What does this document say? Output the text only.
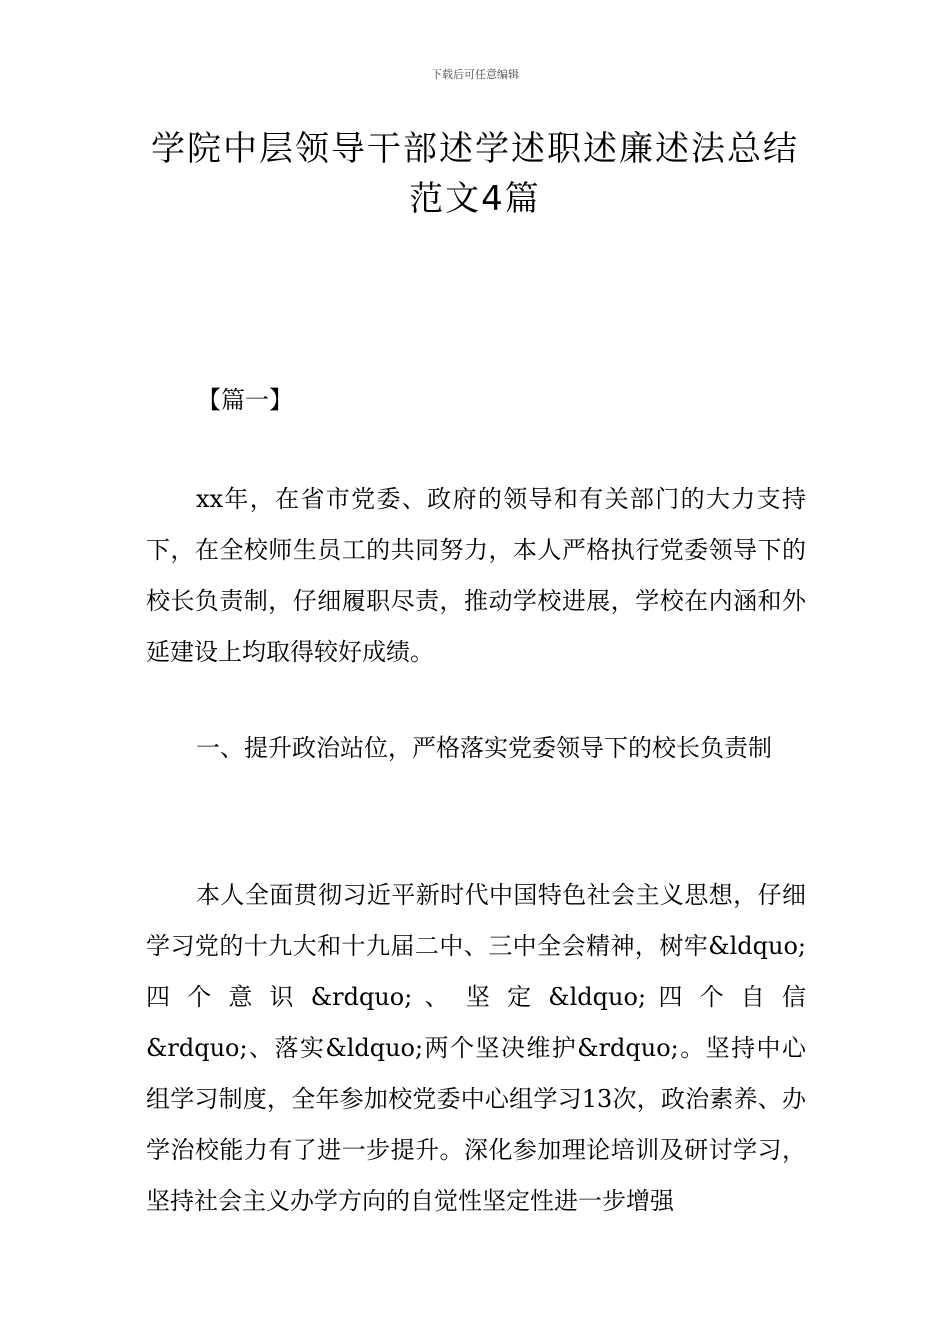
下载后可任意编辑
学院中层领导干部述学述职述廉述法总结
范文4篇
【篇一】

xx年，在省市党委、政府的领导和有关部门的大力支持下，在全校师生员工的共同努力，本人严格执行党委领导下的校长负责制，仔细履职尽责，推动学校进展，学校在内涵和外延建设上均取得较好成绩。

一、提升政治站位，严格落实党委领导下的校长负责制

本人全面贯彻习近平新时代中国特色社会主义思想，仔细学习党的十九大和十九届二中、三中全会精神，树牢&ldquo; 四 个 意 识 &rdquo; 、 坚 定 &ldquo; 四 个 自 信 &rdquo;、落实&ldquo;两个坚决维护&rdquo;。坚持中心组学习制度，全年参加校党委中心组学习13次，政治素养、办学治校能力有了进一步提升。深化参加理论培训及研讨学习，坚持社会主义办学方向的自觉性坚定性进一步增强
